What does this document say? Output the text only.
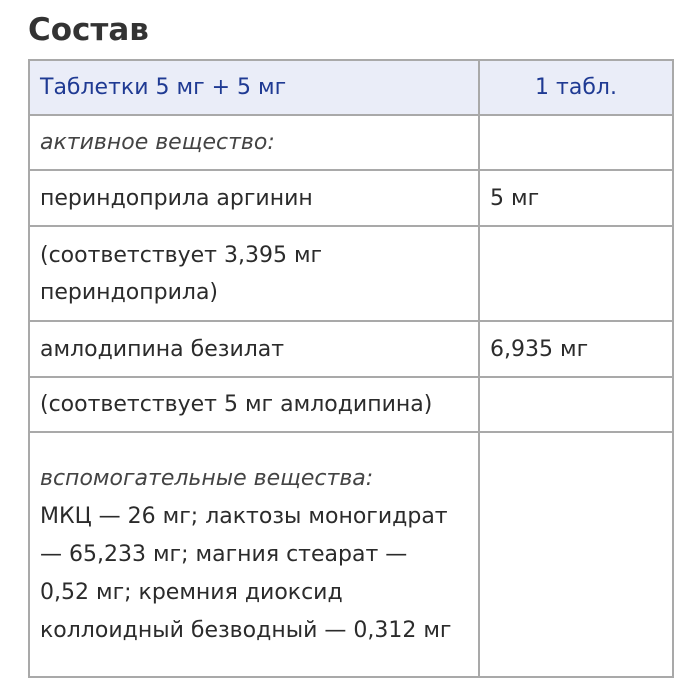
Состав
Таблетки 5 мг + 5 мг	1 табл.
активное вещество:	
периндоприла аргинин	5 мг
(соответствует 3,395 мг периндоприла)	
амлодипина безилат	6,935 мг
(соответствует 5 мг амлодипина)	

вспомогательные вещества:
МКЦ — 26 мг; лактозы моногидрат — 65,233 мг; магния стеарат — 0,52 мг; кремния диоксид коллоидный безводный — 0,312 мг	
